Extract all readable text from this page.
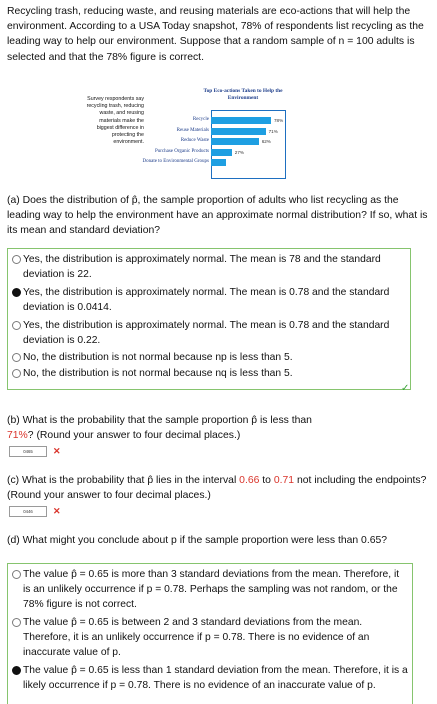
Recycling trash, reducing waste, and reusing materials are eco-actions that will help the environment. According to a USA Today snapshot, 78% of respondents list recycling as the leading way to help our environment. Suppose that a random sample of n = 100 adults is selected and that the 78% figure is correct.
Survey respondents say recycling trash, reducing waste, and reusing materials make the biggest difference in protecting the environment.
Top Eco-actions Taken to Help the Environment
Recycle	78%
Reuse Materials	71%
Reduce Waste	62%
Purchase Organic Products	27%
Donate to Environmental Groups
(a) Does the distribution of p̂, the sample proportion of adults who list recycling as the leading way to help the environment have an approximate normal distribution? If so, what is its mean and standard deviation?
Yes, the distribution is approximately normal. The mean is 78 and the standard deviation is 22.
Yes, the distribution is approximately normal. The mean is 0.78 and the standard deviation is 0.0414.
Yes, the distribution is approximately normal. The mean is 0.78 and the standard deviation is 0.22.
No, the distribution is not normal because np is less than 5.
No, the distribution is not normal because nq is less than 5.
✓
(b) What is the probability that the sample proportion p̂ is less than
71%? (Round your answer to four decimal places.)
0465	✕
(c) What is the probability that p̂ lies in the interval 0.66 to 0.71 not including the endpoints? (Round your answer to four decimal places.)
0446	✕
(d) What might you conclude about p if the sample proportion were less than 0.65?
The value p̂ = 0.65 is more than 3 standard deviations from the mean. Therefore, it is an unlikely occurrence if p = 0.78. Perhaps the sampling was not random, or the 78% figure is not correct.
The value p̂ = 0.65 is between 2 and 3 standard deviations from the mean. Therefore, it is an unlikely occurrence if p = 0.78. There is no evidence of an inaccurate value of p.
The value p̂ = 0.65 is less than 1 standard deviation from the mean. Therefore, it is a likely occurrence if p = 0.78. There is no evidence of an inaccurate value of p.
